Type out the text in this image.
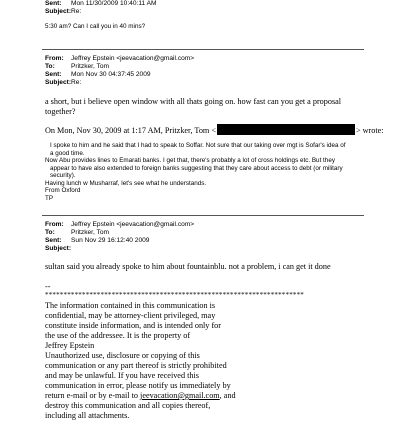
Sent: Mon 11/30/2009 10:40:11 AM
Subject:Re:
5:30 am? Can I call you in 40 mins?
From: Jeffrey Epstein <jeevacation@gmail.com>
To: Pritzker, Tom
Sent: Mon Nov 30 04:37:45 2009
Subject:Re:
a short, but i believe open window with all thats going on. how fast can you get a proposal
together?
On Mon, Nov 30, 2009 at 1:17 AM, Pritzker, Tom <	> wrote:
I spoke to him and he said that I had to speak to Soffar. Not sure that our taking over mgt is Sofar's idea of
a good time.
Now Abu provides lines to Emarati banks. I get that, there's probably a lot of cross holdings etc. But they
appear to have also extended to foreign banks suggesting that they care about access to debt (or military
security).
Having lunch w Musharraf, let's see what he understands.
From Oxford
TP
From: Jeffrey Epstein <jeevacation@gmail.com>
To: Pritzker, Tom
Sent: Sun Nov 29 16:12:40 2009
Subject:
sultan said you already spoke to him about fountainblu. not a problem, i can get it done
--
**********************************************************************
The information contained in this communication is
confidential, may be attorney-client privileged, may
constitute inside information, and is intended only for
the use of the addressee. It is the property of
Jeffrey Epstein
Unauthorized use, disclosure or copying of this
communication or any part thereof is strictly prohibited
and may be unlawful. If you have received this
communication in error, please notify us immediately by
return e-mail or by e-mail to jeevacation@gmail.com, and
destroy this communication and all copies thereof,
including all attachments.
